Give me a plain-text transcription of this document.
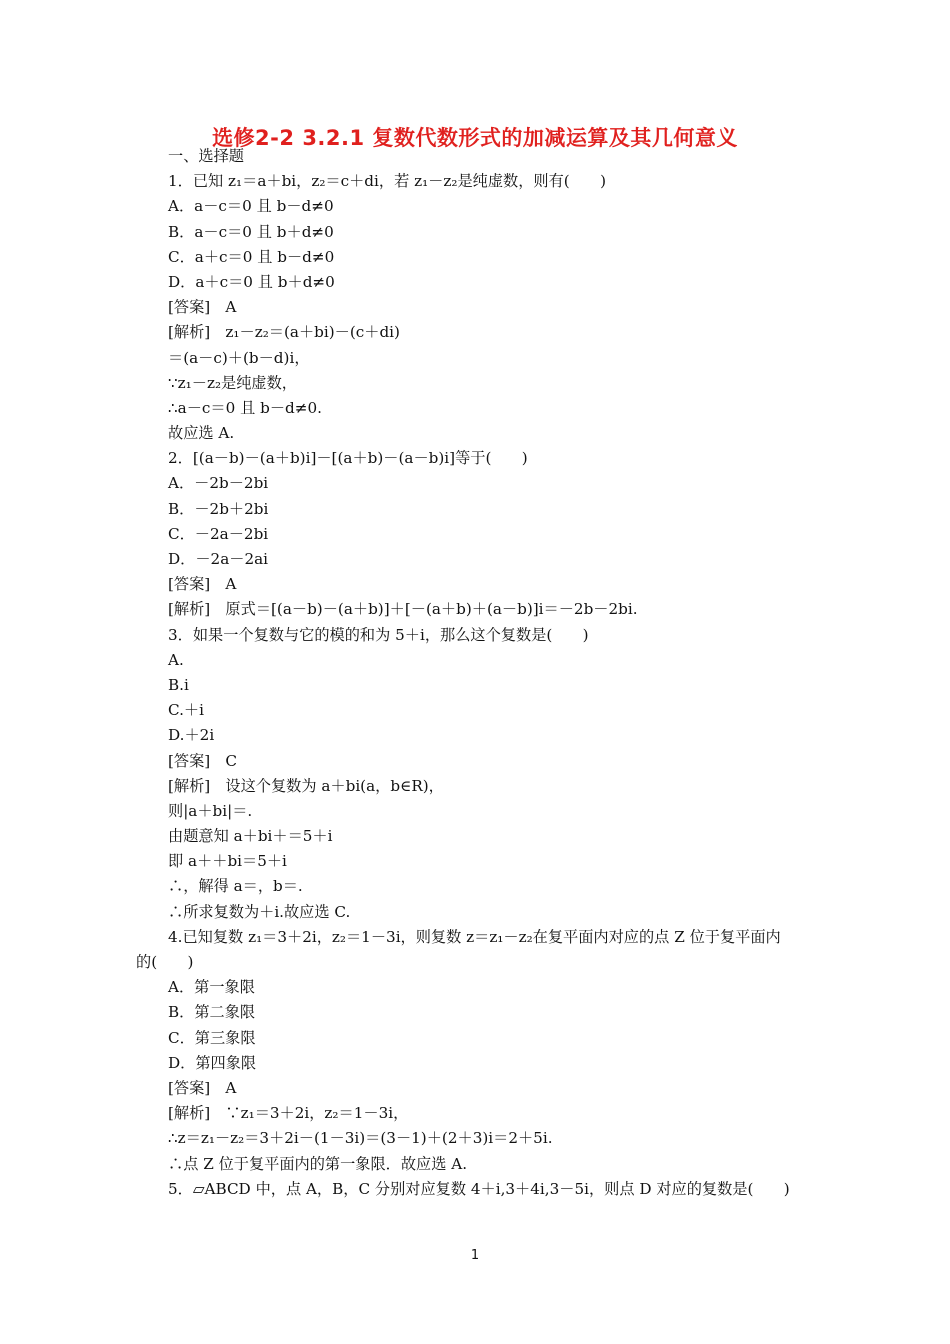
选修2-2 3.2.1 复数代数形式的加减运算及其几何意义
一、选择题
1．已知 z₁＝a＋bi，z₂＝c＋di，若 z₁－z₂是纯虚数，则有(　　)
A．a－c＝0 且 b－d≠0
B．a－c＝0 且 b＋d≠0
C．a＋c＝0 且 b－d≠0
D．a＋c＝0 且 b＋d≠0
[答案]　A
[解析]　z₁－z₂＝(a＋bi)－(c＋di)
＝(a－c)＋(b－d)i，
∵z₁－z₂是纯虚数，
∴a－c＝0 且 b－d≠0.
故应选 A.
2．[(a－b)－(a＋b)i]－[(a＋b)－(a－b)i]等于(　　)
A．－2b－2bi
B．－2b＋2bi
C．－2a－2bi
D．－2a－2ai
[答案]　A
[解析]　原式＝[(a－b)－(a＋b)]＋[－(a＋b)＋(a－b)]i＝－2b－2bi.
3．如果一个复数与它的模的和为 5＋i，那么这个复数是(　　)
A.
B.i
C.＋i
D.＋2i
[答案]　C
[解析]　设这个复数为 a＋bi(a，b∈R)，
则|a＋bi|＝.
由题意知 a＋bi＋＝5＋i
即 a＋＋bi＝5＋i
∴，解得 a＝，b＝.
∴所求复数为＋i.故应选 C.
4.已知复数 z₁＝3＋2i，z₂＝1－3i，则复数 z＝z₁－z₂在复平面内对应的点 Z 位于复平面内
的(　　)
A．第一象限
B．第二象限
C．第三象限
D．第四象限
[答案]　A
[解析]　∵z₁＝3＋2i，z₂＝1－3i，
∴z＝z₁－z₂＝3＋2i－(1－3i)＝(3－1)＋(2＋3)i＝2＋5i.
∴点 Z 位于复平面内的第一象限．故应选 A.
5．▱ABCD 中，点 A，B，C 分别对应复数 4＋i,3＋4i,3－5i，则点 D 对应的复数是(　　)
1
